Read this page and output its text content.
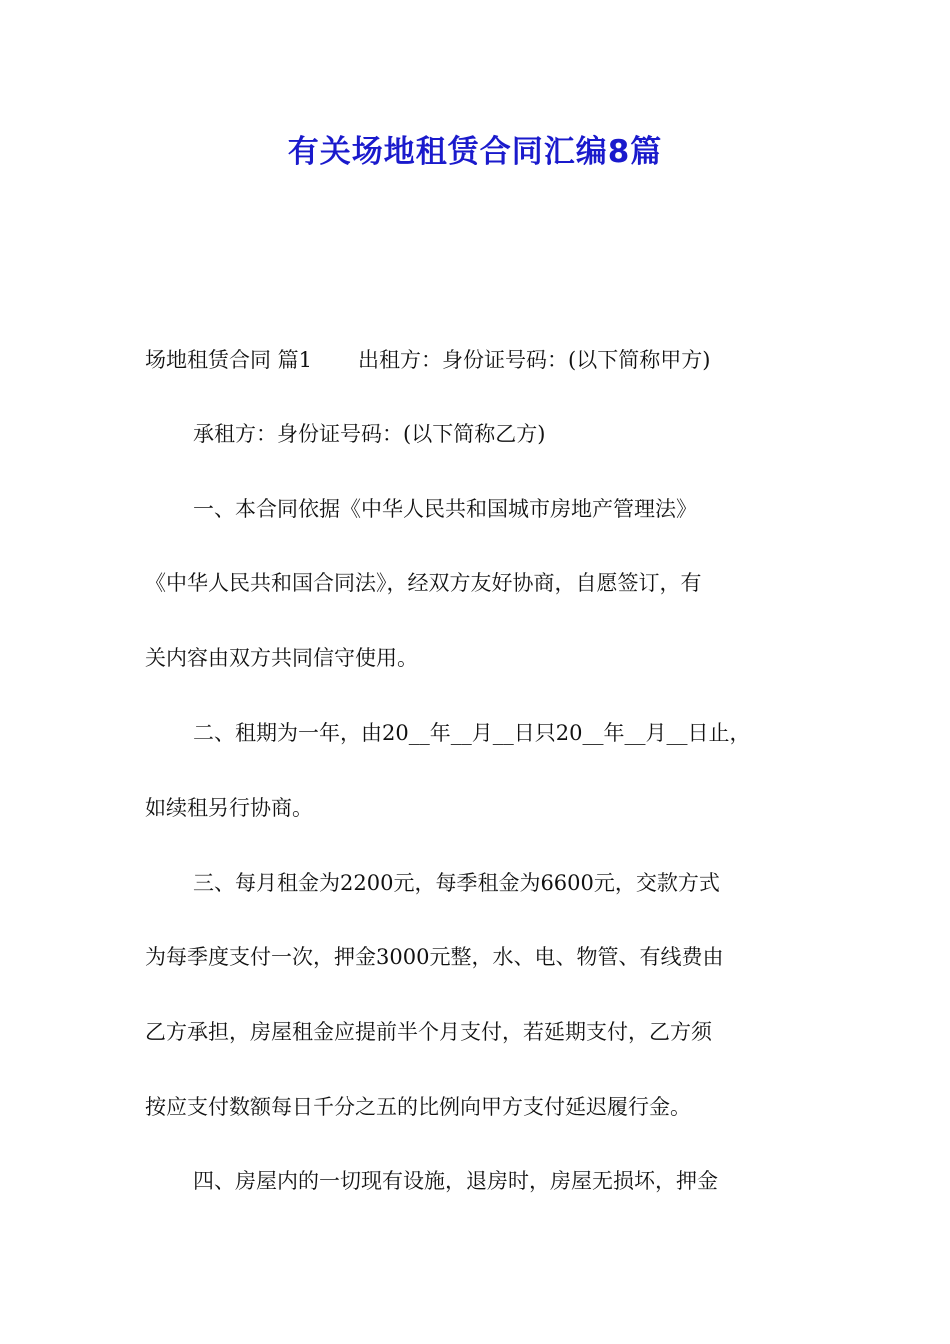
有关场地租赁合同汇编8篇
场地租赁合同 篇1 出租方：身份证号码：(以下简称甲方)
承租方：身份证号码：(以下简称乙方)
一、本合同依据《中华人民共和国城市房地产管理法》
《中华人民共和国合同法》，经双方友好协商，自愿签订，有
关内容由双方共同信守使用。
二、租期为一年，由20__年__月__日只20__年__月__日止，
如续租另行协商。
三、每月租金为2200元，每季租金为6600元，交款方式
为每季度支付一次，押金3000元整，水、电、物管、有线费由
乙方承担，房屋租金应提前半个月支付，若延期支付，乙方须
按应支付数额每日千分之五的比例向甲方支付延迟履行金。
四、房屋内的一切现有设施，退房时，房屋无损坏，押金
